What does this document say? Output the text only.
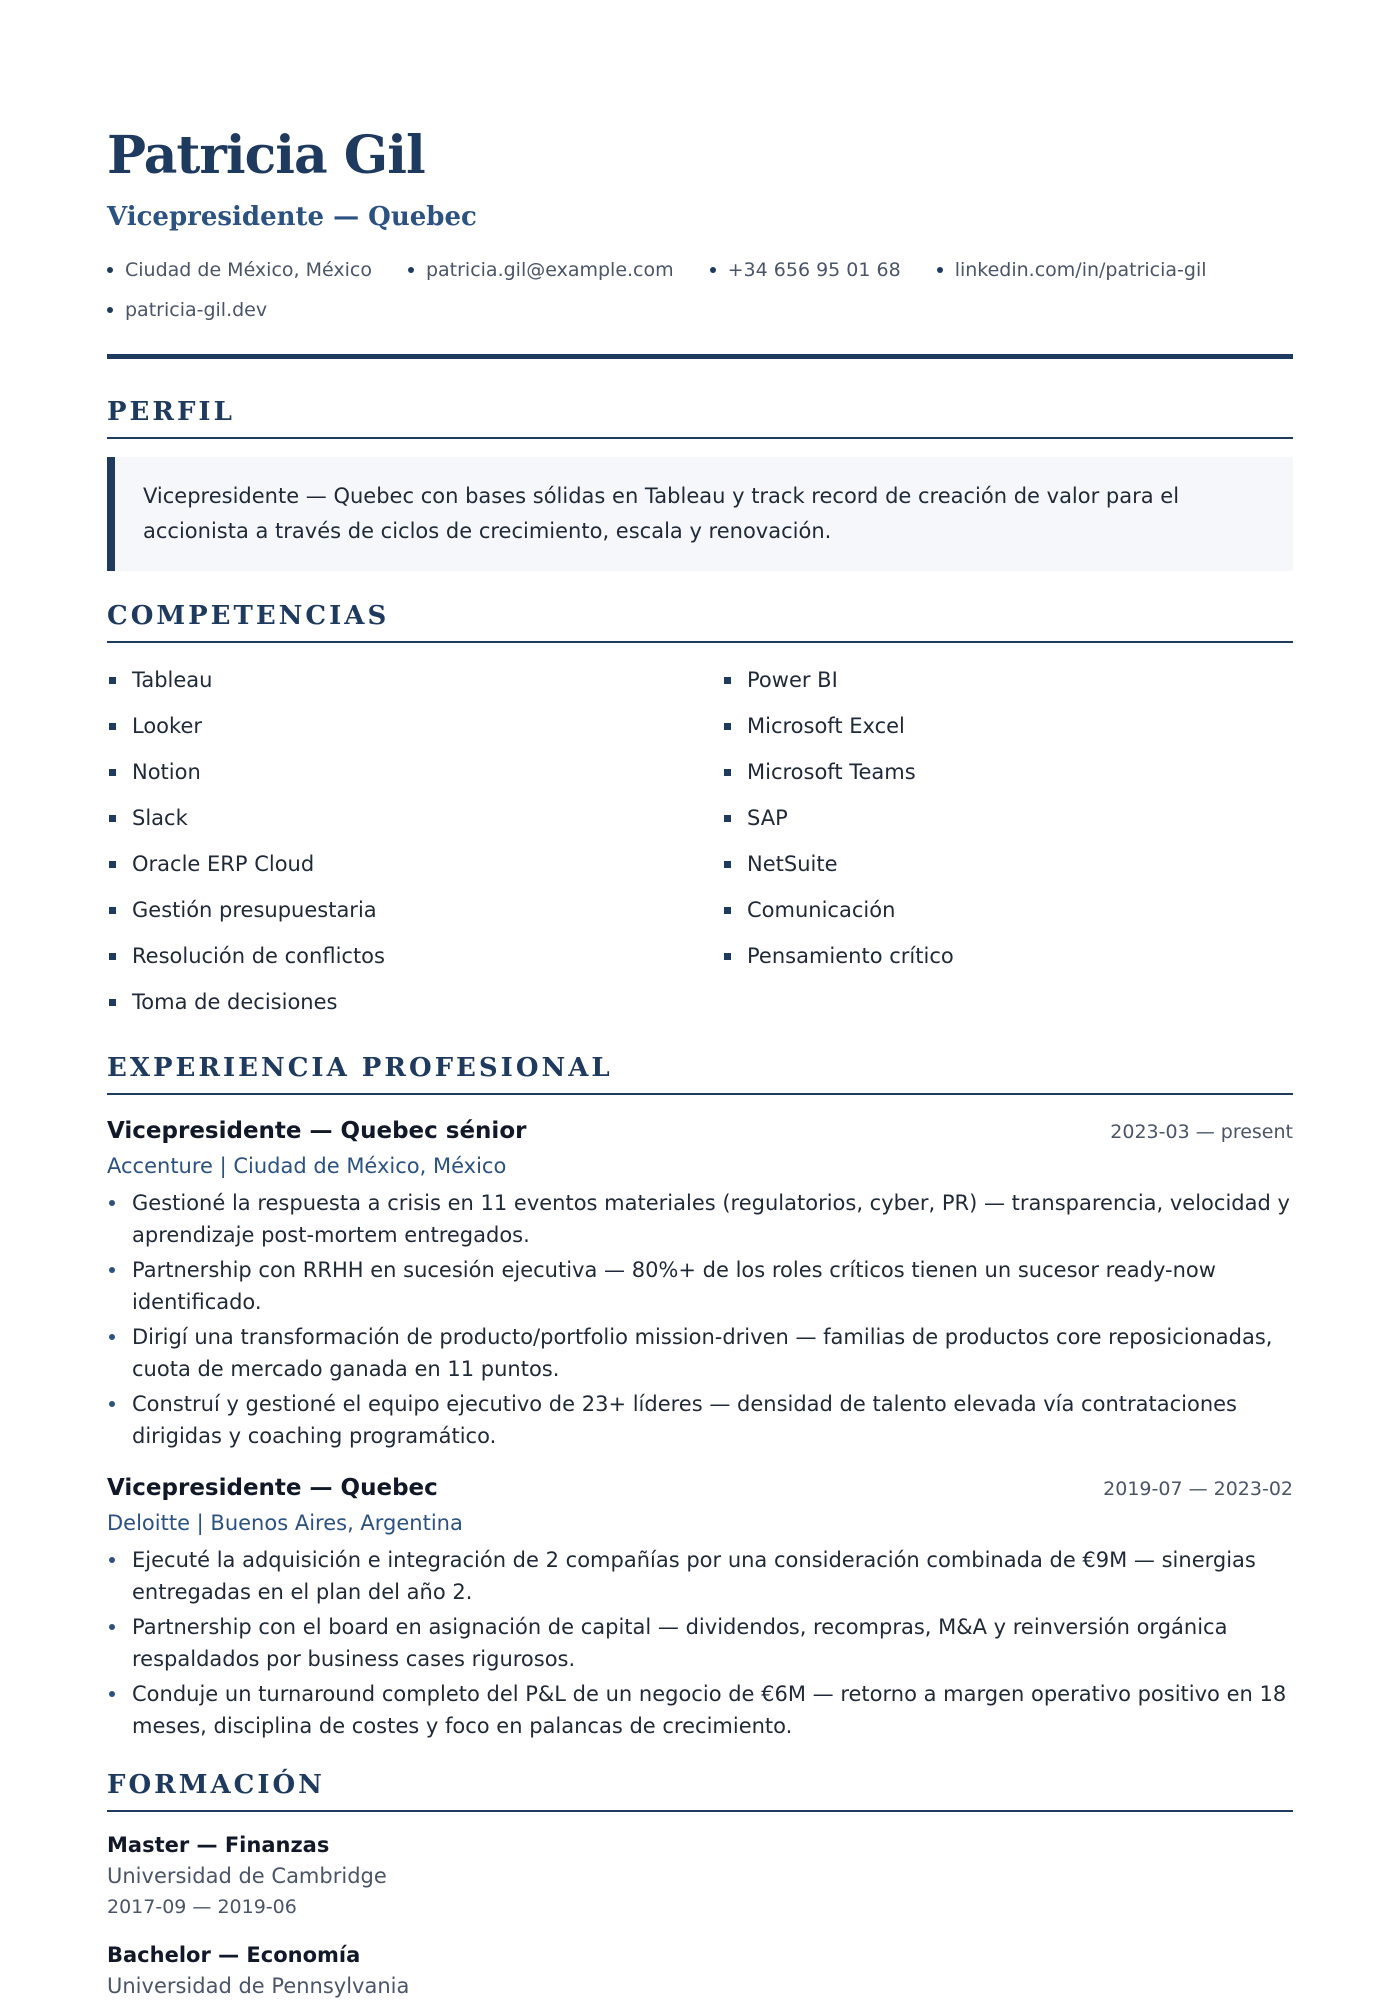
Patricia Gil
Vicepresidente — Quebec
Ciudad de México, México	patricia.gil@example.com	+34 656 95 01 68	linkedin.com/in/patricia-gil
patricia-gil.dev
PERFIL
Vicepresidente — Quebec con bases sólidas en Tableau y track record de creación de valor para el accionista a través de ciclos de crecimiento, escala y renovación.
COMPETENCIAS
Tableau	Power BI
Looker	Microsoft Excel
Notion	Microsoft Teams
Slack	SAP
Oracle ERP Cloud	NetSuite
Gestión presupuestaria	Comunicación
Resolución de conflictos	Pensamiento crítico
Toma de decisiones
EXPERIENCIA PROFESIONAL
Vicepresidente — Quebec sénior	2023-03 — present
Accenture | Ciudad de México, México
Gestioné la respuesta a crisis en 11 eventos materiales (regulatorios, cyber, PR) — transparencia, velocidad y aprendizaje post-mortem entregados.
Partnership con RRHH en sucesión ejecutiva — 80%+ de los roles críticos tienen un sucesor ready-now identificado.
Dirigí una transformación de producto/portfolio mission-driven — familias de productos core reposicionadas, cuota de mercado ganada en 11 puntos.
Construí y gestioné el equipo ejecutivo de 23+ líderes — densidad de talento elevada vía contrataciones dirigidas y coaching programático.
Vicepresidente — Quebec	2019-07 — 2023-02
Deloitte | Buenos Aires, Argentina
Ejecuté la adquisición e integración de 2 compañías por una consideración combinada de €9M — sinergias entregadas en el plan del año 2.
Partnership con el board en asignación de capital — dividendos, recompras, M&A y reinversión orgánica respaldados por business cases rigurosos.
Conduje un turnaround completo del P&L de un negocio de €6M — retorno a margen operativo positivo en 18 meses, disciplina de costes y foco en palancas de crecimiento.
FORMACIÓN
Master — Finanzas
Universidad de Cambridge
2017-09 — 2019-06
Bachelor — Economía
Universidad de Pennsylvania
